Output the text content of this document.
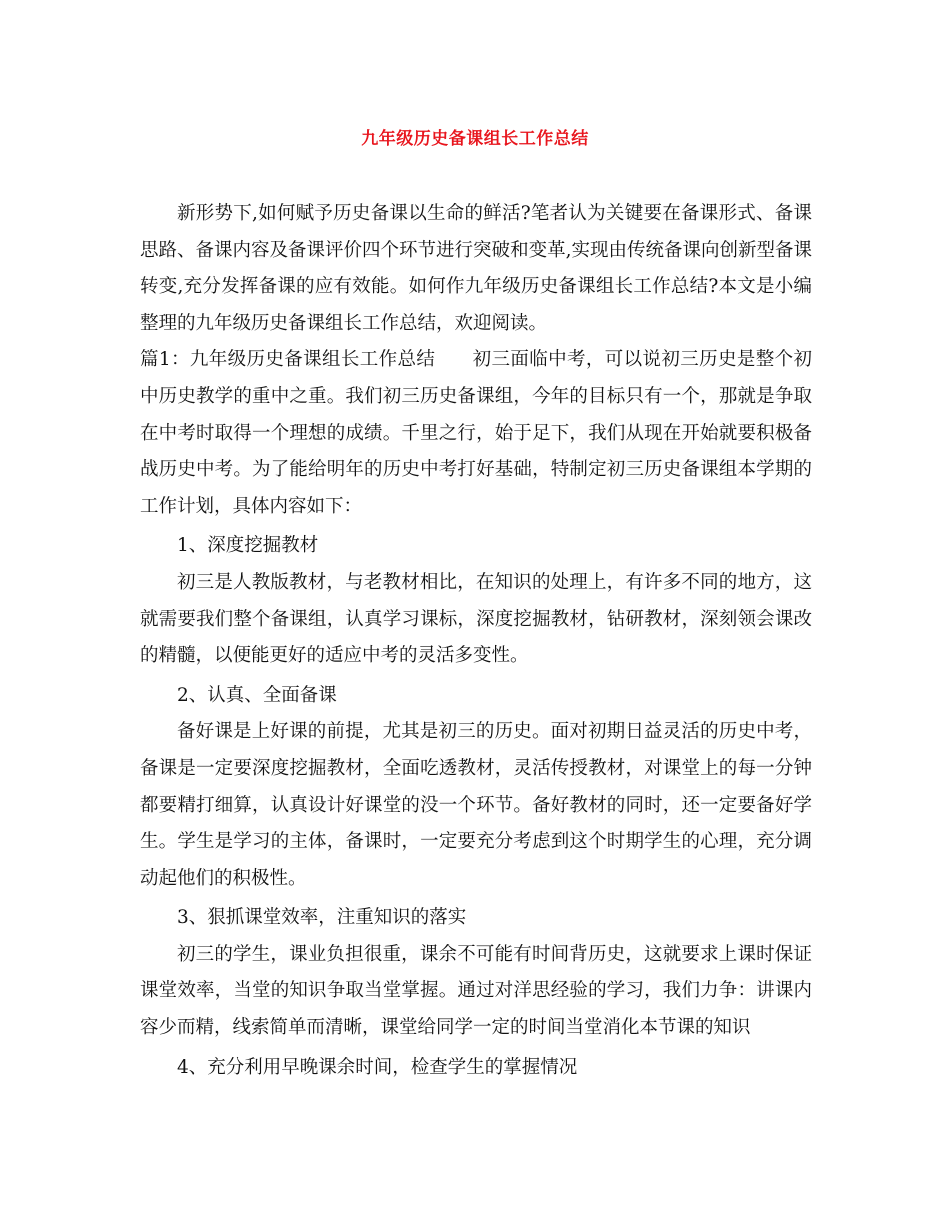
九年级历史备课组长工作总结

新形势下,如何赋予历史备课以生命的鲜活?笔者认为关键要在备课形式、备课思路、备课内容及备课评价四个环节进行突破和变革,实现由传统备课向创新型备课转变,充分发挥备课的应有效能。如何作九年级历史备课组长工作总结?本文是小编整理的九年级历史备课组长工作总结，欢迎阅读。

篇1：九年级历史备课组长工作总结 初三面临中考，可以说初三历史是整个初中历史教学的重中之重。我们初三历史备课组，今年的目标只有一个，那就是争取在中考时取得一个理想的成绩。千里之行，始于足下，我们从现在开始就要积极备战历史中考。为了能给明年的历史中考打好基础，特制定初三历史备课组本学期的工作计划，具体内容如下：

1、深度挖掘教材

初三是人教版教材，与老教材相比，在知识的处理上，有许多不同的地方，这就需要我们整个备课组，认真学习课标，深度挖掘教材，钻研教材，深刻领会课改的精髓，以便能更好的适应中考的灵活多变性。

2、认真、全面备课

备好课是上好课的前提，尤其是初三的历史。面对初期日益灵活的历史中考，备课是一定要深度挖掘教材，全面吃透教材，灵活传授教材，对课堂上的每一分钟都要精打细算，认真设计好课堂的没一个环节。备好教材的同时，还一定要备好学生。学生是学习的主体，备课时，一定要充分考虑到这个时期学生的心理，充分调动起他们的积极性。

3、狠抓课堂效率，注重知识的落实

初三的学生，课业负担很重，课余不可能有时间背历史，这就要求上课时保证课堂效率，当堂的知识争取当堂掌握。通过对洋思经验的学习，我们力争：讲课内容少而精，线索简单而清晰，课堂给同学一定的时间当堂消化本节课的知识

4、充分利用早晚课余时间，检查学生的掌握情况
